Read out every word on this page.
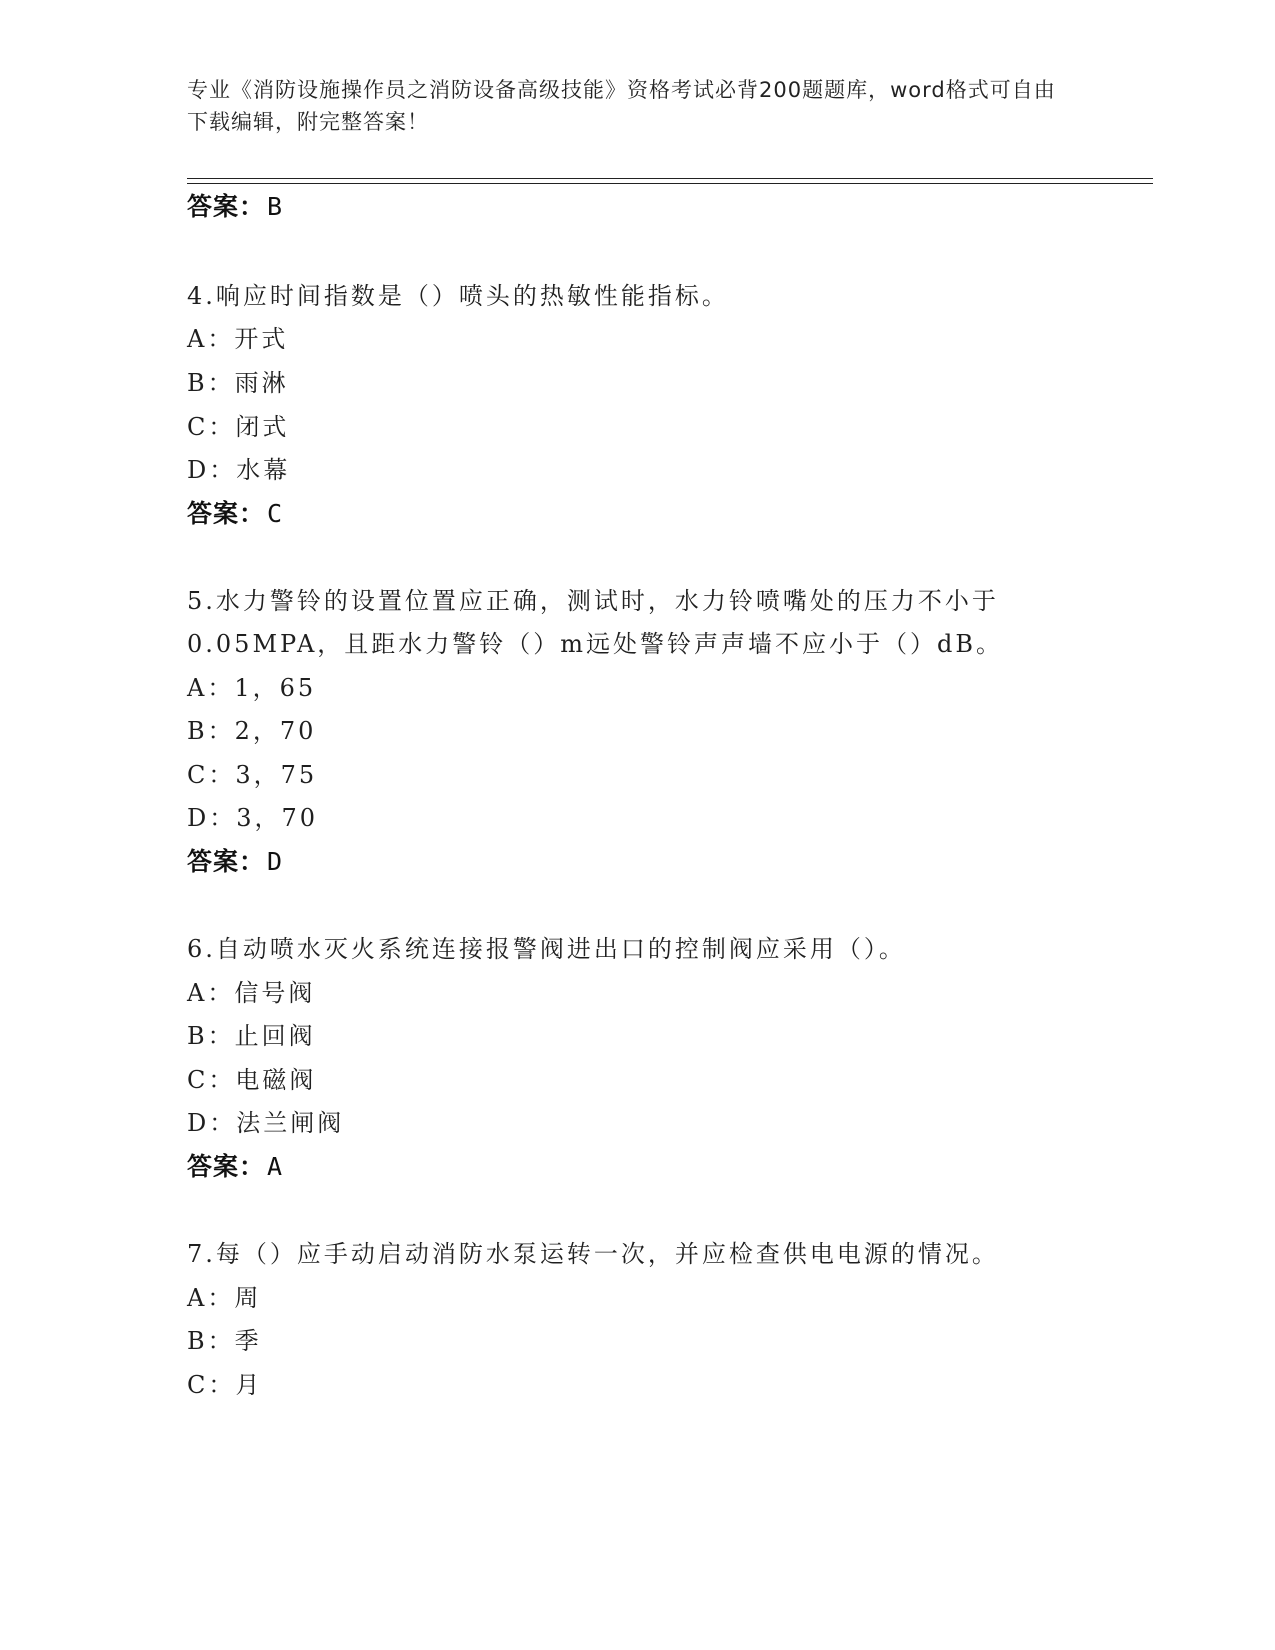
专业《消防设施操作员之消防设备高级技能》资格考试必背200题题库，word格式可自由下载编辑，附完整答案！
答案：B
4.响应时间指数是（）喷头的热敏性能指标。
A：开式
B：雨淋
C：闭式
D：水幕
答案：C
5.水力警铃的设置位置应正确，测试时，水力铃喷嘴处的压力不小于
0.05MPA，且距水力警铃（）m远处警铃声声墙不应小于（）dB。
A：1，65
B：2，70
C：3，75
D：3，70
答案：D
6.自动喷水灭火系统连接报警阀进出口的控制阀应采用（）。
A：信号阀
B：止回阀
C：电磁阀
D：法兰闸阀
答案：A
7.每（）应手动启动消防水泵运转一次，并应检查供电电源的情况。
A：周
B：季
C：月
